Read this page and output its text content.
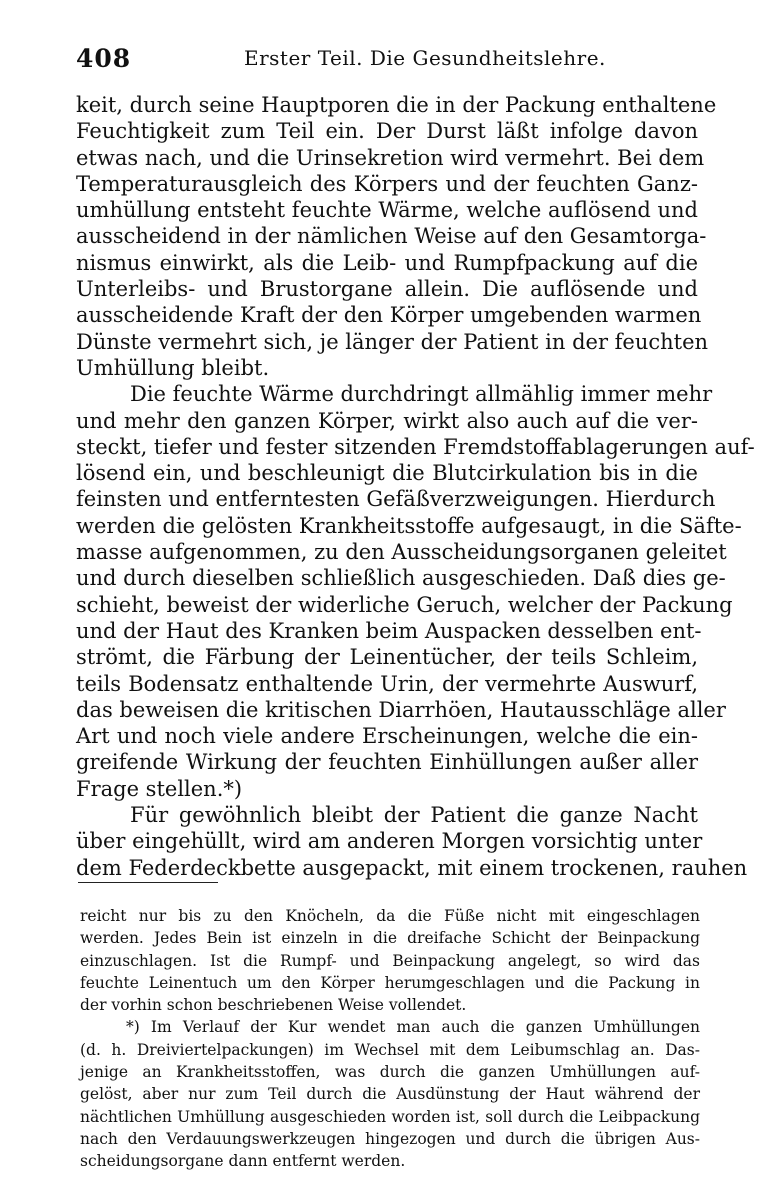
408	Erster Teil. Die Gesundheitslehre.
keit, durch seine Hauptporen die in der Packung enthaltene
Feuchtigkeit zum Teil ein. Der Durst läßt infolge davon
etwas nach, und die Urinsekretion wird vermehrt. Bei dem
Temperaturausgleich des Körpers und der feuchten Ganz-
umhüllung entsteht feuchte Wärme, welche auflösend und
ausscheidend in der nämlichen Weise auf den Gesamtorga-
nismus einwirkt, als die Leib- und Rumpfpackung auf die
Unterleibs- und Brustorgane allein. Die auflösende und
ausscheidende Kraft der den Körper umgebenden warmen
Dünste vermehrt sich, je länger der Patient in der feuchten
Umhüllung bleibt.
Die feuchte Wärme durchdringt allmählig immer mehr
und mehr den ganzen Körper, wirkt also auch auf die ver-
steckt, tiefer und fester sitzenden Fremdstoffablagerungen auf-
lösend ein, und beschleunigt die Blutcirkulation bis in die
feinsten und entferntesten Gefäßverzweigungen. Hierdurch
werden die gelösten Krankheitsstoffe aufgesaugt, in die Säfte-
masse aufgenommen, zu den Ausscheidungsorganen geleitet
und durch dieselben schließlich ausgeschieden. Daß dies ge-
schieht, beweist der widerliche Geruch, welcher der Packung
und der Haut des Kranken beim Auspacken desselben ent-
strömt, die Färbung der Leinentücher, der teils Schleim,
teils Bodensatz enthaltende Urin, der vermehrte Auswurf,
das beweisen die kritischen Diarrhöen, Hautausschläge aller
Art und noch viele andere Erscheinungen, welche die ein-
greifende Wirkung der feuchten Einhüllungen außer aller
Frage stellen.*)
Für gewöhnlich bleibt der Patient die ganze Nacht
über eingehüllt, wird am anderen Morgen vorsichtig unter
dem Federdeckbette ausgepackt, mit einem trockenen, rauhen
reicht nur bis zu den Knöcheln, da die Füße nicht mit eingeschlagen
werden. Jedes Bein ist einzeln in die dreifache Schicht der Beinpackung
einzuschlagen. Ist die Rumpf- und Beinpackung angelegt, so wird das
feuchte Leinentuch um den Körper herumgeschlagen und die Packung in
der vorhin schon beschriebenen Weise vollendet.
*) Im Verlauf der Kur wendet man auch die ganzen Umhüllungen
(d. h. Dreiviertelpackungen) im Wechsel mit dem Leibumschlag an. Das-
jenige an Krankheitsstoffen, was durch die ganzen Umhüllungen auf-
gelöst, aber nur zum Teil durch die Ausdünstung der Haut während der
nächtlichen Umhüllung ausgeschieden worden ist, soll durch die Leibpackung
nach den Verdauungswerkzeugen hingezogen und durch die übrigen Aus-
scheidungsorgane dann entfernt werden.
